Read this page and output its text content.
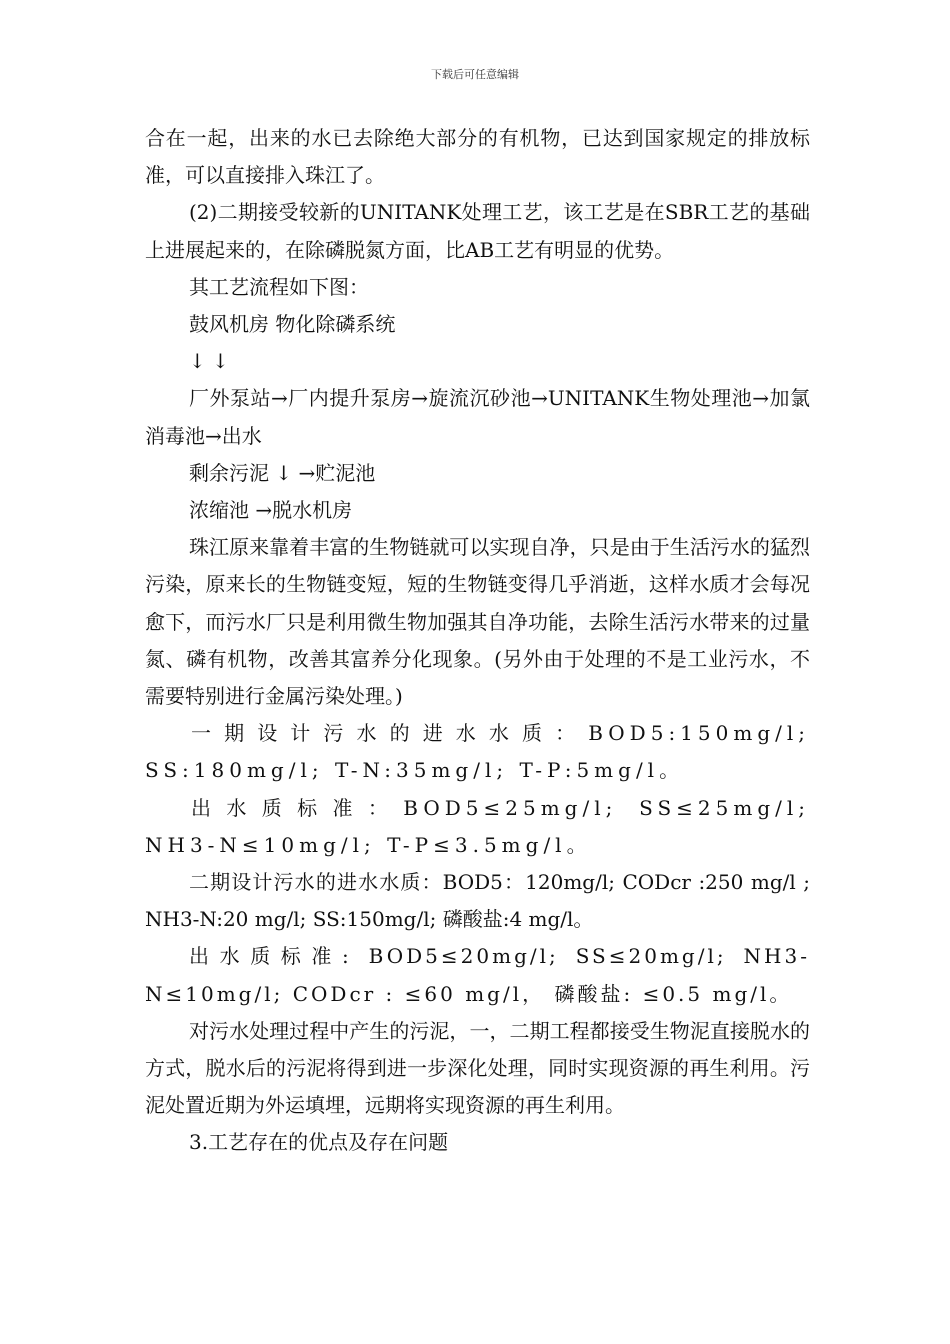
下载后可任意编辑

合在一起，出来的水已去除绝大部分的有机物，已达到国家规定的排放标准，可以直接排入珠江了。

(2)二期接受较新的UNITANK处理工艺，该工艺是在SBR工艺的基础上进展起来的，在除磷脱氮方面，比AB工艺有明显的优势。

其工艺流程如下图：

鼓风机房 物化除磷系统

↓ ↓

厂外泵站→厂内提升泵房→旋流沉砂池→UNITANK生物处理池→加氯消毒池→出水

剩余污泥 ↓ →贮泥池

浓缩池 →脱水机房

珠江原来靠着丰富的生物链就可以实现自净，只是由于生活污水的猛烈污染，原来长的生物链变短，短的生物链变得几乎消逝，这样水质才会每况愈下，而污水厂只是利用微生物加强其自净功能，去除生活污水带来的过量氮、磷有机物，改善其富养分化现象。(另外由于处理的不是工业污水，不需要特别进行金属污染处理。)

一期设计污水的进水水质：BOD5:150mg/l; SS:180mg/l; T-N:35mg/l; T-P:5mg/l。

出水质标准：BOD5≤25mg/l; SS≤25mg/l; NH3-N≤10mg/l; T-P≤3.5mg/l。

二期设计污水的进水水质：BOD5：120mg/l; CODcr :250 mg/l ; NH3-N:20 mg/l; SS:150mg/l; 磷酸盐:4 mg/l。

出水质标准: BOD5≤20mg/l; SS≤20mg/l; NH3-N≤10mg/l; CODcr : ≤60 mg/l， 磷酸盐: ≤0.5 mg/l。

对污水处理过程中产生的污泥，一，二期工程都接受生物泥直接脱水的方式，脱水后的污泥将得到进一步深化处理，同时实现资源的再生利用。污泥处置近期为外运填埋，远期将实现资源的再生利用。

3.工艺存在的优点及存在问题
